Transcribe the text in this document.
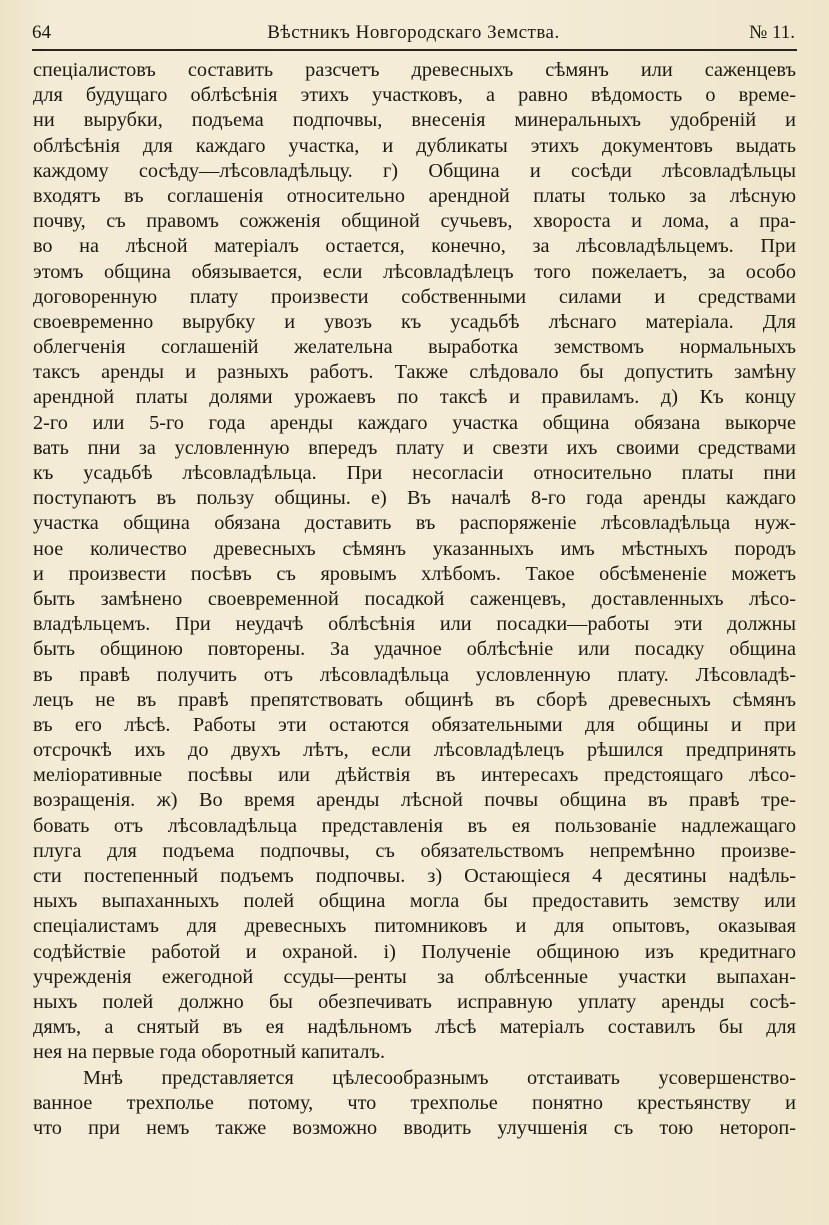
64	Вѣстникъ Новгородскаго Земства.	№ 11.
спеціалистовъ составить разсчетъ древесныхъ сѣмянъ или саженцевъ
для будущаго облѣсѣнія этихъ участковъ, а равно вѣдомость о време-
ни вырубки, подъема подпочвы, внесенія минеральныхъ удобреній и
облѣсѣнія для каждаго участка, и дубликаты этихъ документовъ выдать
каждому сосѣду—лѣсовладѣльцу. г) Община и сосѣди лѣсовладѣльцы
входятъ въ соглашенія относительно арендной платы только за лѣсную
почву, съ правомъ сожженія общиной сучьевъ, хвороста и лома, а пра-
во на лѣсной матеріалъ остается, конечно, за лѣсовладѣльцемъ. При
этомъ община обязывается, если лѣсовладѣлецъ того пожелаетъ, за особо
договоренную плату произвести собственными силами и средствами
своевременно вырубку и увозъ къ усадьбѣ лѣснаго матеріала. Для
облегченія соглашеній желательна выработка земствомъ нормальныхъ
таксъ аренды и разныхъ работъ. Также слѣдовало бы допустить замѣну
арендной платы долями урожаевъ по таксѣ и правиламъ. д) Къ концу
2-го или 5-го года аренды каждаго участка община обязана выкорче
вать пни за условленную впередъ плату и свезти ихъ своими средствами
къ усадьбѣ лѣсовладѣльца. При несогласіи относительно платы пни
поступаютъ въ пользу общины. е) Въ началѣ 8-го года аренды каждаго
участка община обязана доставить въ распоряженіе лѣсовладѣльца нуж-
ное количество древесныхъ сѣмянъ указанныхъ имъ мѣстныхъ породъ
и произвести посѣвъ съ яровымъ хлѣбомъ. Такое обсѣмененіе можетъ
быть замѣнено своевременной посадкой саженцевъ, доставленныхъ лѣсо-
владѣльцемъ. При неудачѣ облѣсѣнія или посадки—работы эти должны
быть общиною повторены. За удачное облѣсѣніе или посадку община
въ правѣ получить отъ лѣсовладѣльца условленную плату. Лѣсовладѣ-
лецъ не въ правѣ препятствовать общинѣ въ сборѣ древесныхъ сѣмянъ
въ его лѣсѣ. Работы эти остаются обязательными для общины и при
отсрочкѣ ихъ до двухъ лѣтъ, если лѣсовладѣлецъ рѣшился предпринять
меліоративные посѣвы или дѣйствія въ интересахъ предстоящаго лѣсо-
возращенія. ж) Во время аренды лѣсной почвы община въ правѣ тре-
бовать отъ лѣсовладѣльца представленія въ ея пользованіе надлежащаго
плуга для подъема подпочвы, съ обязательствомъ непремѣнно произве-
сти постепенный подъемъ подпочвы. з) Остающіеся 4 десятины надѣль-
ныхъ выпаханныхъ полей община могла бы предоставить земству или
спеціалистамъ для древесныхъ питомниковъ и для опытовъ, оказывая
содѣйствіе работой и охраной. і) Полученіе общиною изъ кредитнаго
учрежденія ежегодной ссуды—ренты за облѣсенные участки выпахан-
ныхъ полей должно бы обезпечивать исправную уплату аренды сосѣ-
дямъ, а снятый въ ея надѣльномъ лѣсѣ матеріалъ составилъ бы для
нея на первые года оборотный капиталъ.
Мнѣ представляется цѣлесообразнымъ отстаивать усовершенство-
ванное трехполье потому, что трехполье понятно крестьянству и
что при немъ также возможно вводить улучшенія съ тою нетороп-
